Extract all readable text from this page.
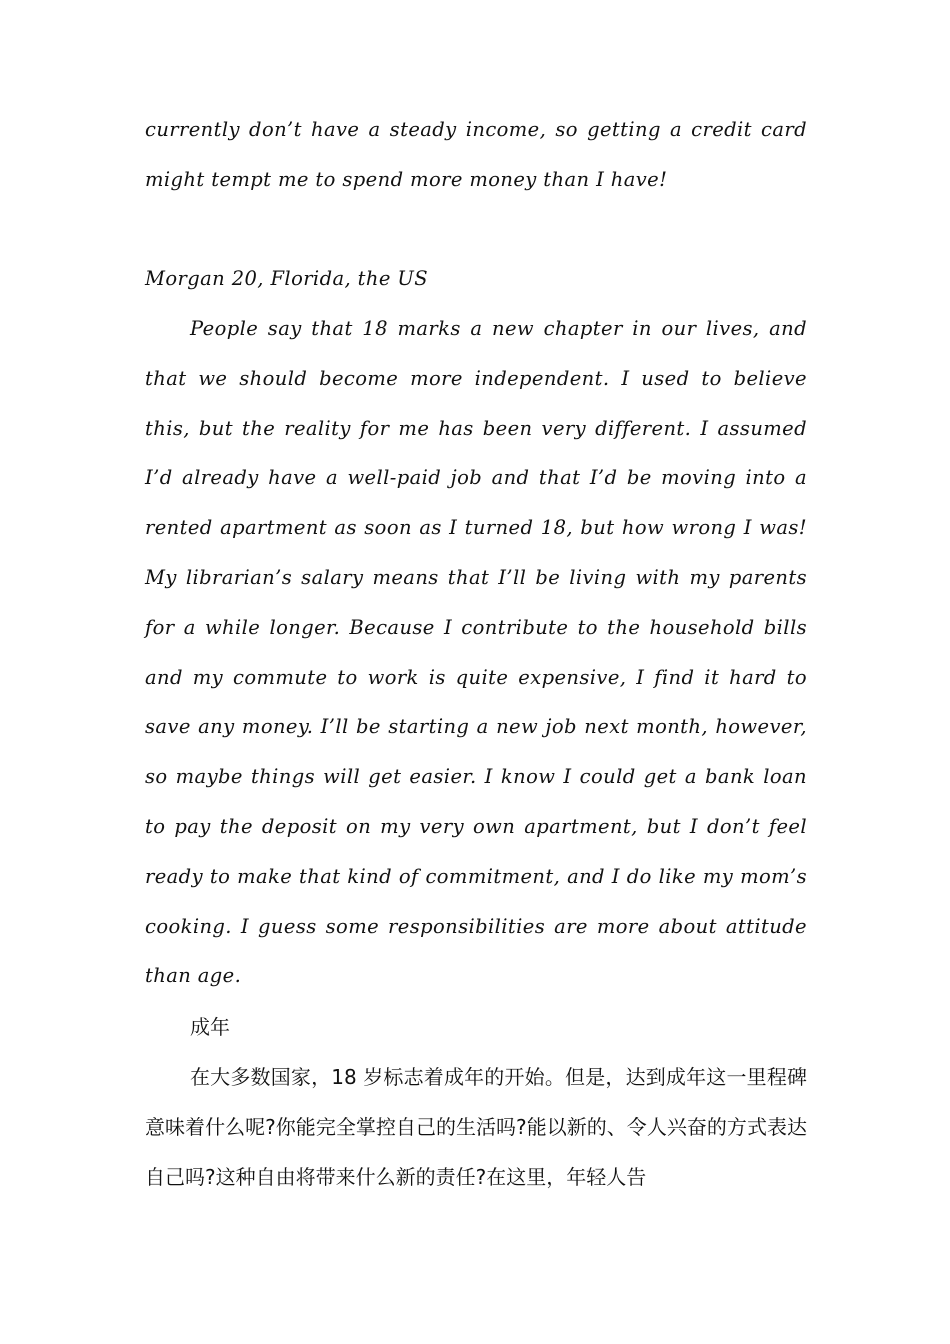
currently don’t have a steady income, so getting a credit card might tempt me to spend more money than I have!

Morgan 20, Florida, the US

People say that 18 marks a new chapter in our lives, and that we should become more independent. I used to believe this, but the reality for me has been very different. I assumed I’d already have a well-paid job and that I’d be moving into a rented apartment as soon as I turned 18, but how wrong I was! My librarian’s salary means that I’ll be living with my parents for a while longer. Because I contribute to the household bills and my commute to work is quite expensive, I find it hard to save any money. I’ll be starting a new job next month, however, so maybe things will get easier. I know I could get a bank loan to pay the deposit on my very own apartment, but I don’t feel ready to make that kind of commitment, and I do like my mom’s cooking. I guess some responsibilities are more about attitude than age.

成年

在大多数国家，18 岁标志着成年的开始。但是，达到成年这一里程碑意味着什么呢?你能完全掌控自己的生活吗?能以新的、令人兴奋的方式表达自己吗?这种自由将带来什么新的责任?在这里，年轻人告
